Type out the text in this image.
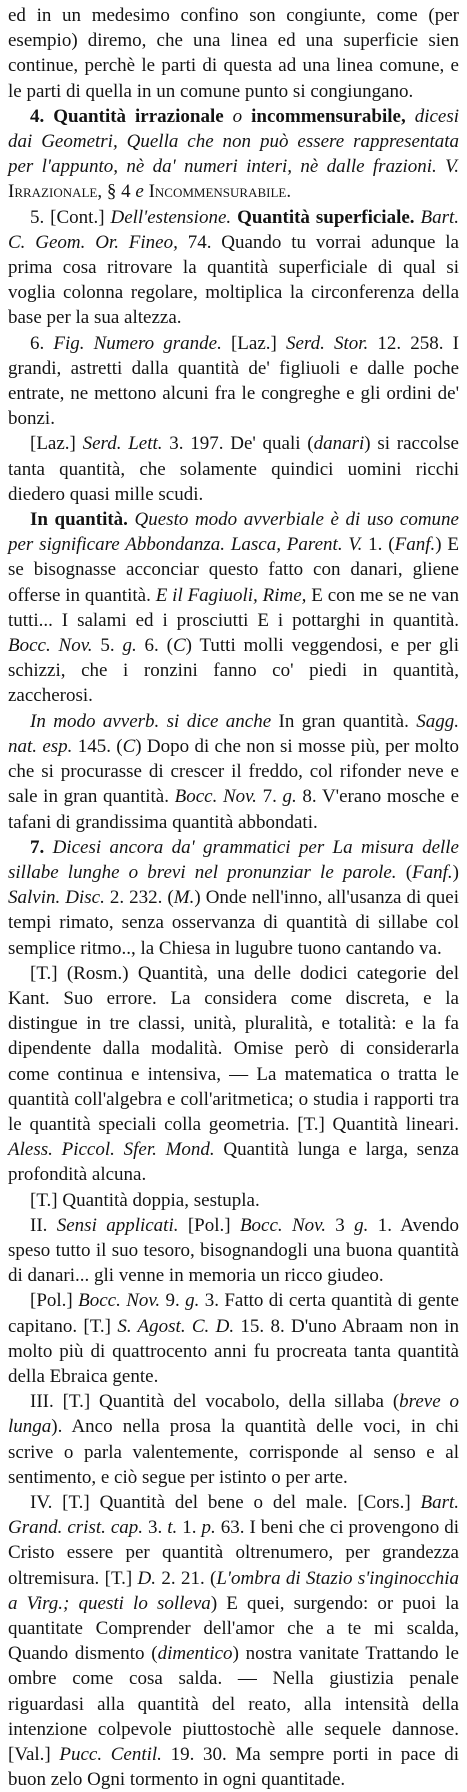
ed in un medesimo confino son congiunte, come (per esempio) diremo, che una linea ed una superficie sien continue, perchè le parti di questa ad una linea comune, e le parti di quella in un comune punto si congiungano.
4. Quantità irrazionale o incommensurabile, dicesi dai Geometri, Quella che non può essere rappresentata per l'appunto, nè da' numeri interi, nè dalle frazioni. V. Irrazionale, § 4 e Incommensurabile.
5. [Cont.] Dell'estensione. Quantità superficiale. Bart. C. Geom. Or. Fineo, 74. Quando tu vorrai adunque la prima cosa ritrovare la quantità superficiale di qual si voglia colonna regolare, moltiplica la circonferenza della base per la sua altezza.
6. Fig. Numero grande. [Laz.] Serd. Stor. 12. 258. I grandi, astretti dalla quantità de' figliuoli e dalle poche entrate, ne mettono alcuni fra le congreghe e gli ordini de' bonzi.
[Laz.] Serd. Lett. 3. 197. De' quali (danari) si raccolse tanta quantità, che solamente quindici uomini ricchi diedero quasi mille scudi.
In quantità. Questo modo avverbiale è di uso comune per significare Abbondanza. Lasca, Parent. V. 1. (Fanf.) E se bisognasse acconciar questo fatto con danari, gliene offerse in quantità. E il Fagiuoli, Rime, E con me se ne van tutti... I salami ed i prosciutti E i pottarghi in quantità. Bocc. Nov. 5. g. 6. (C) Tutti molli veggendosi, e per gli schizzi, che i ronzini fanno co' piedi in quantità, zaccherosi.
In modo avverb. si dice anche In gran quantità. Sagg. nat. esp. 145. (C) Dopo di che non si mosse più, per molto che si procurasse di crescer il freddo, col rifonder neve e sale in gran quantità. Bocc. Nov. 7. g. 8. V'erano mosche e tafani di grandissima quantità abbondati.
7. Dicesi ancora da' grammatici per La misura delle sillabe lunghe o brevi nel pronunziar le parole. (Fanf.) Salvin. Disc. 2. 232. (M.) Onde nell'inno, all'usanza di quei tempi rimato, senza osservanza di quantità di sillabe col semplice ritmo.., la Chiesa in lugubre tuono cantando va.
[T.] (Rosm.) Quantità, una delle dodici categorie del Kant. Suo errore. La considera come discreta, e la distingue in tre classi, unità, pluralità, e totalità: e la fa dipendente dalla modalità. Omise però di considerarla come continua e intensiva, — La matematica o tratta le quantità coll'algebra e coll'aritmetica; o studia i rapporti tra le quantità speciali colla geometria. [T.] Quantità lineari. Aless. Piccol. Sfer. Mond. Quantità lunga e larga, senza profondità alcuna.
[T.] Quantità doppia, sestupla.
II. Sensi applicati. [Pol.] Bocc. Nov. 3 g. 1. Avendo speso tutto il suo tesoro, bisognandogli una buona quantità di danari... gli venne in memoria un ricco giudeo.
[Pol.] Bocc. Nov. 9. g. 3. Fatto di certa quantità di gente capitano. [T.] S. Agost. C. D. 15. 8. D'uno Abraam non in molto più di quattrocento anni fu procreata tanta quantità della Ebraica gente.
III. [T.] Quantità del vocabolo, della sillaba (breve o lunga). Anco nella prosa la quantità delle voci, in chi scrive o parla valentemente, corrisponde al senso e al sentimento, e ciò segue per istinto o per arte.
IV. [T.] Quantità del bene o del male. [Cors.] Bart. Grand. crist. cap. 3. t. 1. p. 63. I beni che ci provengono di Cristo essere per quantità oltrenumero, per grandezza oltremisura. [T.] D. 2. 21. (L'ombra di Stazio s'inginocchia a Virg.; questi lo solleva) E quei, surgendo: or puoi la quantitate Comprender dell'amor che a te mi scalda, Quando dismento (dimentico) nostra vanitate Trattando le ombre come cosa salda. — Nella giustizia penale riguardasi alla quantità del reato, alla intensità della intenzione colpevole piuttostochè alle sequele dannose. [Val.] Pucc. Centil. 19. 30. Ma sempre porti in pace di buon zelo Ogni tormento in ogni quantitade.
